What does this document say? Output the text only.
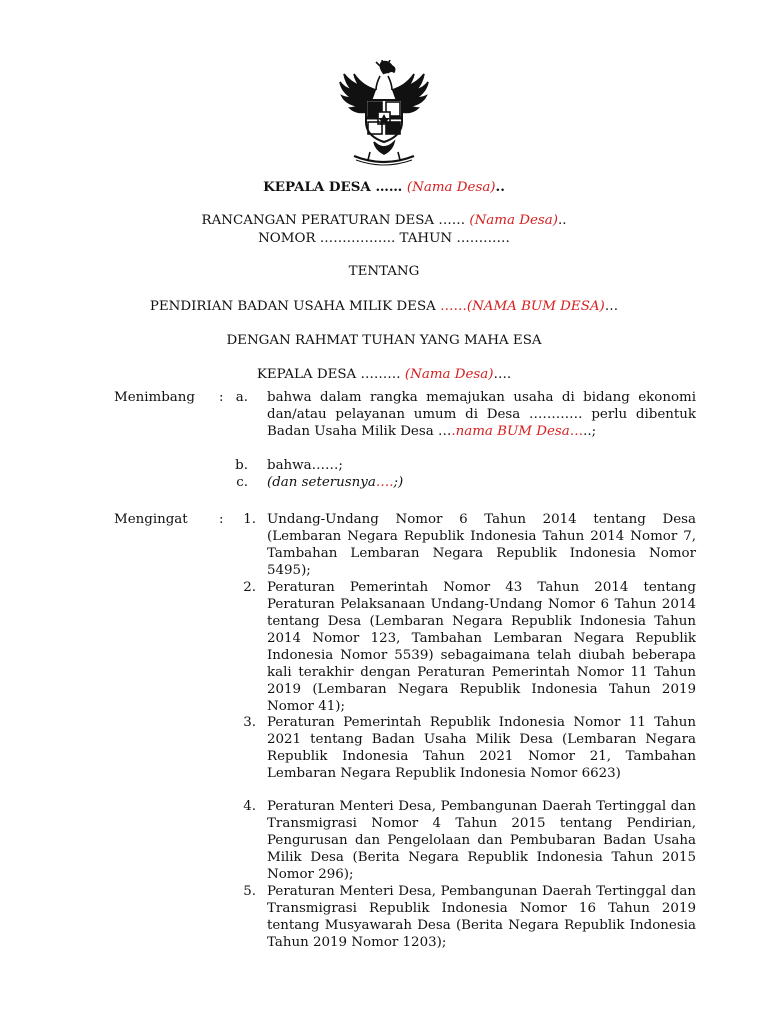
KEPALA DESA …… (Nama Desa)..
RANCANGAN PERATURAN DESA …… (Nama Desa)..
NOMOR …………….. TAHUN …………
TENTANG
PENDIRIAN BADAN USAHA MILIK DESA ……(NAMA BUM DESA)…
DENGAN RAHMAT TUHAN YANG MAHA ESA
KEPALA DESA ……… (Nama Desa)….
Menimbang : a. bahwa dalam rangka memajukan usaha di bidang ekonomi dan/atau pelayanan umum di Desa ………… perlu dibentuk Badan Usaha Milik Desa ….nama BUM Desa…..;
b. bahwa……;
c. (dan seterusnya….;)
Mengingat :	1. Undang-Undang Nomor 6 Tahun 2014 tentang Desa (Lembaran Negara Republik Indonesia Tahun 2014 Nomor 7, Tambahan Lembaran Negara Republik Indonesia Nomor 5495);
2. Peraturan Pemerintah Nomor 43 Tahun 2014 tentang Peraturan Pelaksanaan Undang-Undang Nomor 6 Tahun 2014 tentang Desa (Lembaran Negara Republik Indonesia Tahun 2014 Nomor 123, Tambahan Lembaran Negara Republik Indonesia Nomor 5539) sebagaimana telah diubah beberapa kali terakhir dengan Peraturan Pemerintah Nomor 11 Tahun 2019 (Lembaran Negara Republik Indonesia Tahun 2019 Nomor 41);
3. Peraturan Pemerintah Republik Indonesia Nomor 11 Tahun 2021 tentang Badan Usaha Milik Desa (Lembaran Negara Republik Indonesia Tahun 2021 Nomor 21, Tambahan Lembaran Negara Republik Indonesia Nomor 6623)
4. Peraturan Menteri Desa, Pembangunan Daerah Tertinggal dan Transmigrasi Nomor 4 Tahun 2015 tentang Pendirian, Pengurusan dan Pengelolaan dan Pembubaran Badan Usaha Milik Desa (Berita Negara Republik Indonesia Tahun 2015 Nomor 296);
5. Peraturan Menteri Desa, Pembangunan Daerah Tertinggal dan Transmigrasi Republik Indonesia Nomor 16 Tahun 2019 tentang Musyawarah Desa (Berita Negara Republik Indonesia Tahun 2019 Nomor 1203);
